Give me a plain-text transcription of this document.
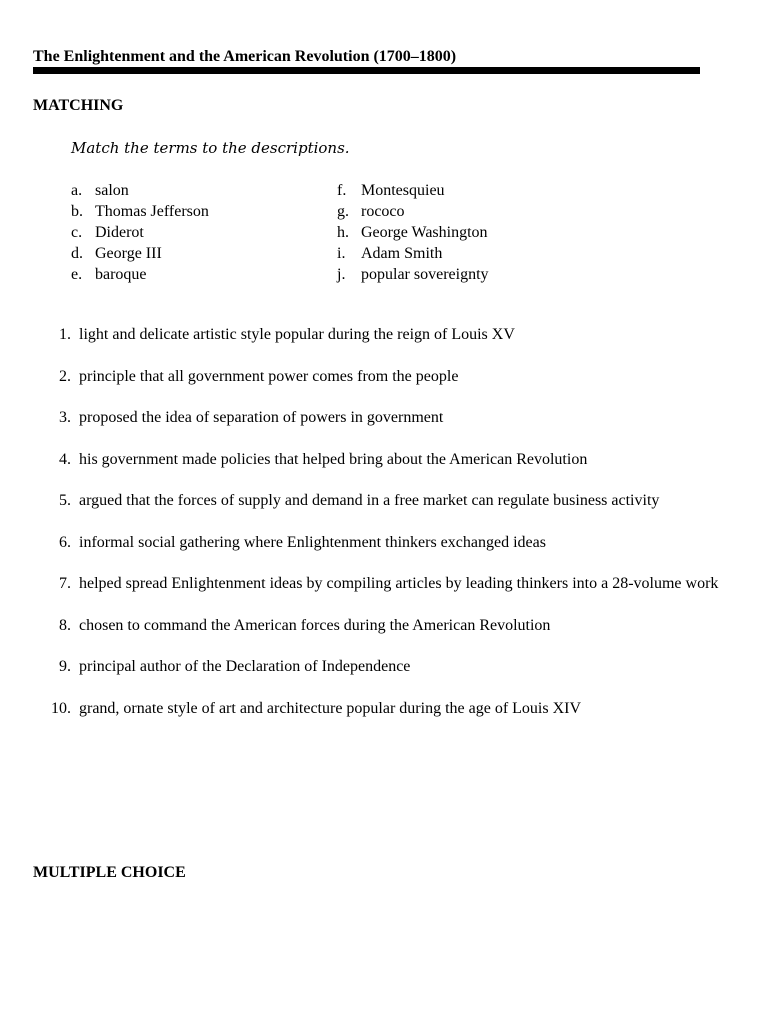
The Enlightenment and the American Revolution (1700–1800)
MATCHING
Match the terms to the descriptions.
a. salon
b. Thomas Jefferson
c. Diderot
d. George III
e. baroque
f. Montesquieu
g. rococo
h. George Washington
i. Adam Smith
j. popular sovereignty
1. light and delicate artistic style popular during the reign of Louis XV
2. principle that all government power comes from the people
3. proposed the idea of separation of powers in government
4. his government made policies that helped bring about the American Revolution
5. argued that the forces of supply and demand in a free market can regulate business activity
6. informal social gathering where Enlightenment thinkers exchanged ideas
7. helped spread Enlightenment ideas by compiling articles by leading thinkers into a 28-volume work
8. chosen to command the American forces during the American Revolution
9. principal author of the Declaration of Independence
10. grand, ornate style of art and architecture popular during the age of Louis XIV
MULTIPLE CHOICE
